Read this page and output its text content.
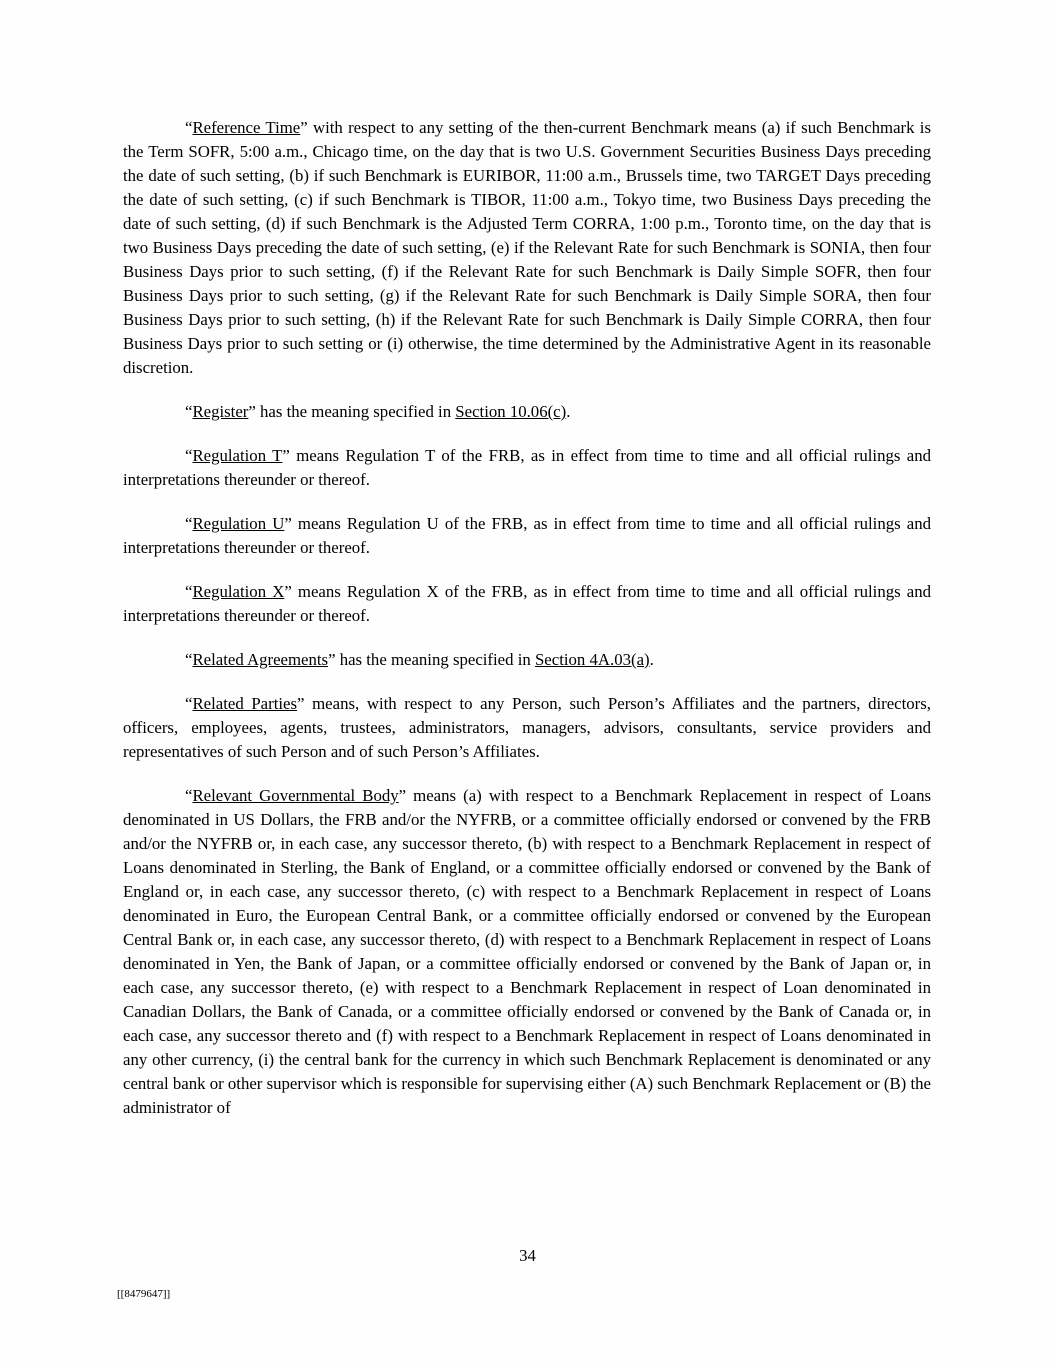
“Reference Time” with respect to any setting of the then-current Benchmark means (a) if such Benchmark is the Term SOFR, 5:00 a.m., Chicago time, on the day that is two U.S. Government Securities Business Days preceding the date of such setting, (b) if such Benchmark is EURIBOR, 11:00 a.m., Brussels time, two TARGET Days preceding the date of such setting, (c) if such Benchmark is TIBOR, 11:00 a.m., Tokyo time, two Business Days preceding the date of such setting, (d) if such Benchmark is the Adjusted Term CORRA, 1:00 p.m., Toronto time, on the day that is two Business Days preceding the date of such setting, (e) if the Relevant Rate for such Benchmark is SONIA, then four Business Days prior to such setting, (f) if the Relevant Rate for such Benchmark is Daily Simple SOFR, then four Business Days prior to such setting, (g) if the Relevant Rate for such Benchmark is Daily Simple SORA, then four Business Days prior to such setting, (h) if the Relevant Rate for such Benchmark is Daily Simple CORRA, then four Business Days prior to such setting or (i) otherwise, the time determined by the Administrative Agent in its reasonable discretion.

“Register” has the meaning specified in Section 10.06(c).

“Regulation T” means Regulation T of the FRB, as in effect from time to time and all official rulings and interpretations thereunder or thereof.

“Regulation U” means Regulation U of the FRB, as in effect from time to time and all official rulings and interpretations thereunder or thereof.

“Regulation X” means Regulation X of the FRB, as in effect from time to time and all official rulings and interpretations thereunder or thereof.

“Related Agreements” has the meaning specified in Section 4A.03(a).

“Related Parties” means, with respect to any Person, such Person’s Affiliates and the partners, directors, officers, employees, agents, trustees, administrators, managers, advisors, consultants, service providers and representatives of such Person and of such Person’s Affiliates.

“Relevant Governmental Body” means (a) with respect to a Benchmark Replacement in respect of Loans denominated in US Dollars, the FRB and/or the NYFRB, or a committee officially endorsed or convened by the FRB and/or the NYFRB or, in each case, any successor thereto, (b) with respect to a Benchmark Replacement in respect of Loans denominated in Sterling, the Bank of England, or a committee officially endorsed or convened by the Bank of England or, in each case, any successor thereto, (c) with respect to a Benchmark Replacement in respect of Loans denominated in Euro, the European Central Bank, or a committee officially endorsed or convened by the European Central Bank or, in each case, any successor thereto, (d) with respect to a Benchmark Replacement in respect of Loans denominated in Yen, the Bank of Japan, or a committee officially endorsed or convened by the Bank of Japan or, in each case, any successor thereto, (e) with respect to a Benchmark Replacement in respect of Loan denominated in Canadian Dollars, the Bank of Canada, or a committee officially endorsed or convened by the Bank of Canada or, in each case, any successor thereto and (f) with respect to a Benchmark Replacement in respect of Loans denominated in any other currency, (i) the central bank for the currency in which such Benchmark Replacement is denominated or any central bank or other supervisor which is responsible for supervising either (A) such Benchmark Replacement or (B) the administrator of

34
[[8479647]]
